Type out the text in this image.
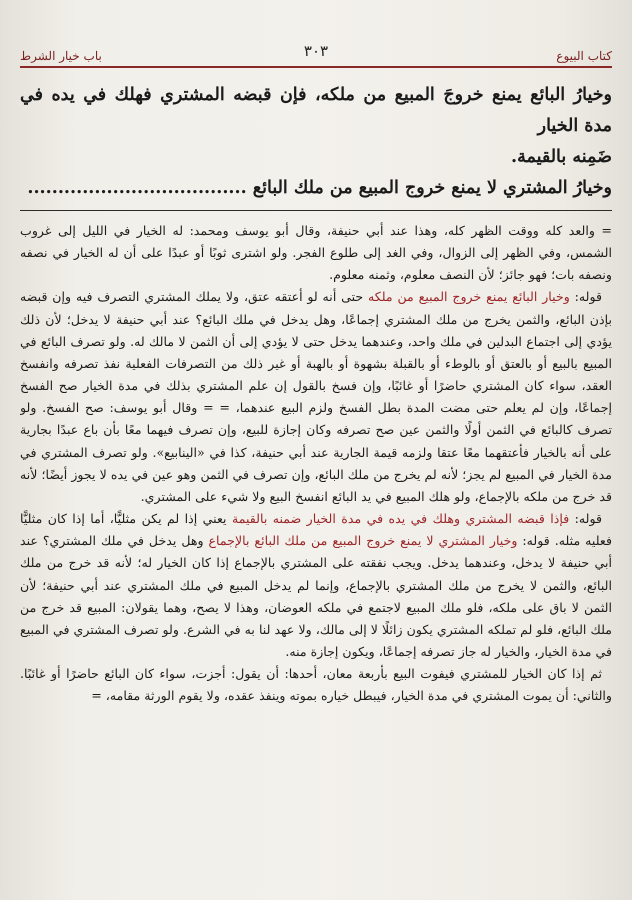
كتاب البيوع
٣٠٣
باب خيار الشرط

وخيارُ البائع يمنع خروجَ المبيع من ملكه، فإن قبضه المشتري فهلك في يده في مدة الخيار

ضَمِنه بالقيمة.

وخيارُ المشتري لا يمنع خروج المبيع من ملك البائع ....................................

= والعد كله ووقت الظهر كله، وهذا عند أبي حنيفة، وقال أبو يوسف ومحمد: له الخيار في الليل إلى غروب الشمس، وفي الظهر إلى الزوال، وفي الغد إلى طلوع الفجر. ولو اشترى ثوبًا أو عبدًا على أن له الخيار في نصفه ونصفه بات؛ فهو جائز؛ لأن النصف معلوم، وثمنه معلوم.

قوله: وخيار البائع يمنع خروج المبيع من ملكه حتى أنه لو أعتقه عتق، ولا يملك المشتري التصرف فيه وإن قبضه بإذن البائع، والثمن يخرج من ملك المشتري إجماعًا، وهل يدخل في ملك البائع؟ عند أبي حنيفة لا يدخل؛ لأن ذلك يؤدي إلى اجتماع البدلين في ملك واحد، وعندهما يدخل حتى لا يؤدي إلى أن الثمن لا مالك له. ولو تصرف البائع في المبيع بالبيع أو بالعتق أو بالوطء أو بالقبلة بشهوة أو بالهبة أو غير ذلك من التصرفات الفعلية نفذ تصرفه وانفسخ العقد، سواء كان المشتري حاضرًا أو غائبًا، وإن فسخ بالقول إن علم المشتري بذلك في مدة الخيار صح الفسخ إجماعًا، وإن لم يعلم حتى مضت المدة بطل الفسخ ولزم البيع عندهما، = = وقال أبو يوسف: صح الفسخ. ولو تصرف كالبائع في الثمن أولًا والثمن عين صح تصرفه وكان إجازة للبيع، وإن تصرف فيهما معًا بأن باع عبدًا بجارية على أنه بالخيار فأعتقهما معًا عتقا ولزمه قيمة الجارية عند أبي حنيفة، كذا في «الينابيع». ولو تصرف المشتري في مدة الخيار في المبيع لم يجز؛ لأنه لم يخرج من ملك البائع، وإن تصرف في الثمن وهو عين في يده لا يجوز أيضًا؛ لأنه قد خرج من ملكه بالإجماع، ولو هلك المبيع في يد البائع انفسخ البيع ولا شيء على المشتري.

قوله: فإذا قبضه المشتري وهلك في يده في مدة الخيار ضمنه بالقيمة يعني إذا لم يكن مثليًّا، أما إذا كان مثليًّا فعليه مثله. قوله: وخيار المشتري لا يمنع خروج المبيع من ملك البائع بالإجماع وهل يدخل في ملك المشتري؟ عند أبي حنيفة لا يدخل، وعندهما يدخل. ويجب نفقته على المشتري بالإجماع إذا كان الخيار له؛ لأنه قد خرج من ملك البائع، والثمن لا يخرج من ملك المشتري بالإجماع، وإنما لم يدخل المبيع في ملك المشتري عند أبي حنيفة؛ لأن الثمن لا باق على ملكه، فلو ملك المبيع لاجتمع في ملكه العوضان، وهذا لا يصح، وهما يقولان: المبيع قد خرج من ملك البائع، فلو لم تملكه المشتري يكون زائلًا لا إلى مالك، ولا عهد لنا به في الشرع. ولو تصرف المشتري في المبيع في مدة الخيار، والخيار له جاز تصرفه إجماعًا، ويكون إجازة منه.

ثم إذا كان الخيار للمشتري فيفوت البيع بأربعة معان، أحدها: أن يقول: أجزت، سواء كان البائع حاضرًا أو غائبًا. والثاني: أن يموت المشتري في مدة الخيار، فيبطل خياره بموته وينفذ عقده، ولا يقوم الورثة مقامه، =
